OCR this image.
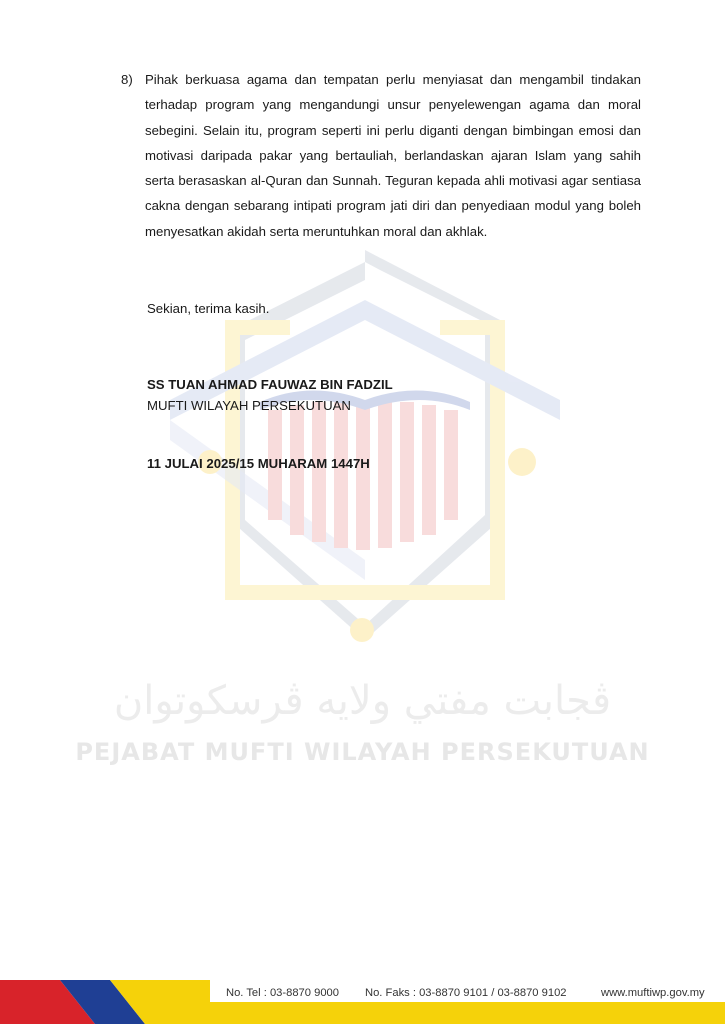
ڤجابت مفتي ولايه ڤرسكوتوان
PEJABAT MUFTI WILAYAH PERSEKUTUAN
8) Pihak berkuasa agama dan tempatan perlu menyiasat dan mengambil tindakan terhadap program yang mengandungi unsur penyelewengan agama dan moral sebegini. Selain itu, program seperti ini perlu diganti dengan bimbingan emosi dan motivasi daripada pakar yang bertauliah, berlandaskan ajaran Islam yang sahih serta berasaskan al-Quran dan Sunnah. Teguran kepada ahli motivasi agar sentiasa cakna dengan sebarang intipati program jati diri dan penyediaan modul yang boleh menyesatkan akidah serta meruntuhkan moral dan akhlak.
Sekian, terima kasih.
SS TUAN AHMAD FAUWAZ BIN FADZIL
MUFTI WILAYAH PERSEKUTUAN
11 JULAI 2025/15 MUHARAM 1447H
No. Tel : 03-8870 9000 No. Faks : 03-8870 9101 / 03-8870 9102	www.muftiwp.gov.my
